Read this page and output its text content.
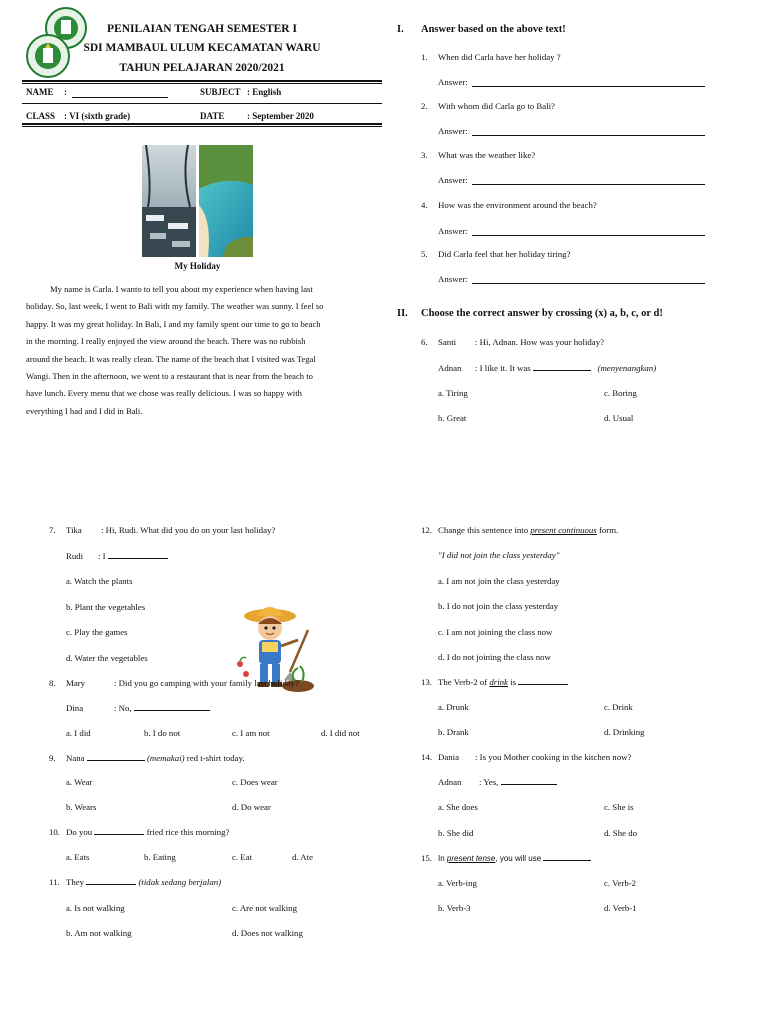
PENILAIAN TENGAH SEMESTER I
SDI MAMBAUL ULUM KECAMATAN WARU
TAHUN PELAJARAN 2020/2021
NAME :	SUBJECT : English
CLASS : VI (sixth grade)	DATE	: September 2020
My Holiday
My name is Carla. I wanto to tell you about my experience when having last
holiday. So, last week, I went to Bali with my family. The weather was sunny. I feel so
happy. It was my great holiday. In Bali, I and my family spent our time to go to beach
in the morning. I really enjoyed the view around the beach. There was no rubbish
around the beach. It was really clean. The name of the beach that I visited was Tegal
Wangi. Then in the afternoon, we went to a restaurant that is near from the beach to
have lunch. Every menu that we chose was really delicious. I was so happy with
everything I had and I did in Bali.
I. Answer based on the above text!
1. When did Carla have her holiday ?
Answer:
2. With whom did Carla go to Bali?
Answer:
3. What was the weather like?
Answer:
4. How was the environment around the beach?
Answer:
5. Did Carla feel that her holiday tiring?
Answer:
II. Choose the correct answer by crossing (x) a, b, c, or d!
6. Santi : Hi, Adnan. How was your holiday?
Adnan : I like it. It was	(menyenangkan)
a. Tiring	c. Boring
b. Great	d. Usual
7. Tika : Hi, Rudi. What did you do on your last holiday?
Rudi : I
a. Watch the plants
b. Plant the vegetables
c. Play the games
d. Water the vegetables
8. Mary	: Did you go camping with your family last holiday?
Dina	: No,
a. I did	b. I do not	c. I am not	d. I did not
9. Nana	(memakai) red t-shirt today.
a. Wear	c. Does wear
b. Wears	d. Do wear
10. Do you	fried rice this morning?
a. Eats	b. Eating	c. Eat	d. Ate
11. They	(tidak sedang berjalan)
a. Is not walking	c. Are not walking
b. Am not walking	d. Does not walking
12. Change this sentence into present continuous form.
"I did not join the class yesterday"
a. I am not join the class yesterday
b. I do not join the class yesterday
c. I am not joining the class now
d. I do not joining the class now
13. The Verb-2 of drink is
a. Drunk	c. Drink
b. Drank	d. Drinking
14. Dania : Is you Mother cooking in the kitchen now?
Adnan : Yes,
a. She does	c. She is
b. She did	d. She do
15. In present tense, you will use
a. Verb-ing	c. Verb-2
b. Verb-3	d. Verb-1
